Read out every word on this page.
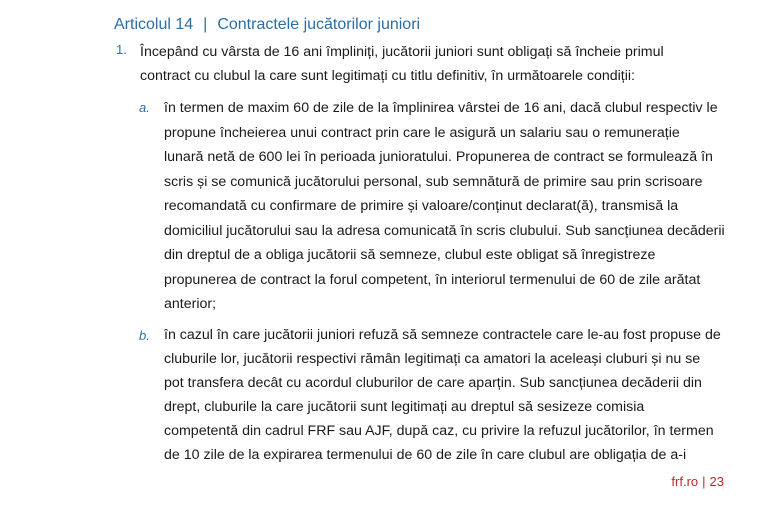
Articolul 14 | Contractele jucătorilor juniori
1. Începând cu vârsta de 16 ani împliniți, jucătorii juniori sunt obligați să încheie primul
contract cu clubul la care sunt legitimați cu titlu definitiv, în următoarele condiții:
a. în termen de maxim 60 de zile de la împlinirea vârstei de 16 ani, dacă clubul respectiv le
propune încheierea unui contract prin care le asigură un salariu sau o remunerație
lunară netă de 600 lei în perioada junioratului. Propunerea de contract se formulează în
scris și se comunică jucătorului personal, sub semnătură de primire sau prin scrisoare
recomandată cu confirmare de primire și valoare/conținut declarat(ă), transmisă la
domiciliul jucătorului sau la adresa comunicată în scris clubului. Sub sancțiunea decăderii
din dreptul de a obliga jucătorii să semneze, clubul este obligat să înregistreze
propunerea de contract la forul competent, în interiorul termenului de 60 de zile arătat
anterior;
b. în cazul în care jucătorii juniori refuză să semneze contractele care le-au fost propuse de
cluburile lor, jucătorii respectivi rămân legitimați ca amatori la aceleași cluburi și nu se
pot transfera decât cu acordul cluburilor de care aparțin. Sub sancțiunea decăderii din
drept, cluburile la care jucătorii sunt legitimați au dreptul să sesizeze comisia
competentă din cadrul FRF sau AJF, după caz, cu privire la refuzul jucătorilor, în termen
de 10 zile de la expirarea termenului de 60 de zile în care clubul are obligația de a-i
frf.ro | 23
